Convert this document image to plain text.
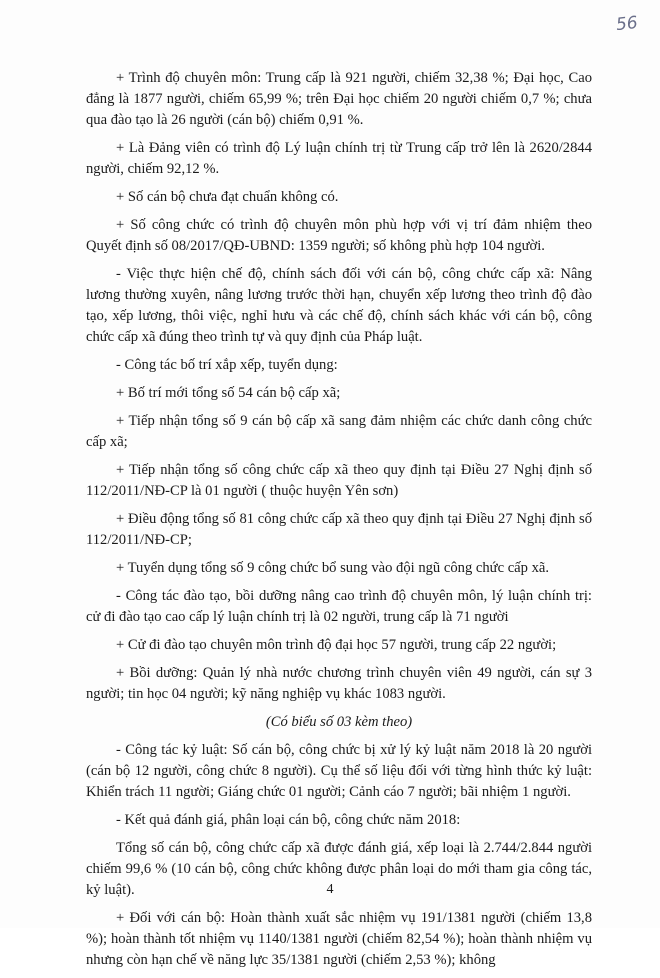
56

+ Trình độ chuyên môn: Trung cấp là 921 người, chiếm 32,38 %; Đại học, Cao đẳng là 1877 người, chiếm 65,99 %; trên Đại học chiếm 20 người chiếm 0,7 %; chưa qua đào tạo là 26 người (cán bộ) chiếm 0,91 %.

+ Là Đảng viên có trình độ Lý luận chính trị từ Trung cấp trở lên là 2620/2844 người, chiếm 92,12 %.

+ Số cán bộ chưa đạt chuẩn không có.

+ Số công chức có trình độ chuyên môn phù hợp với vị trí đảm nhiệm theo Quyết định số 08/2017/QĐ-UBND: 1359 người; số không phù hợp 104 người.

- Việc thực hiện chế độ, chính sách đối với cán bộ, công chức cấp xã: Nâng lương thường xuyên, nâng lương trước thời hạn, chuyển xếp lương theo trình độ đào tạo, xếp lương, thôi việc, nghỉ hưu và các chế độ, chính sách khác với cán bộ, công chức cấp xã đúng theo trình tự và quy định của Pháp luật.

- Công tác bố trí xắp xếp, tuyển dụng:

+ Bố trí mới tổng số 54 cán bộ cấp xã;

+ Tiếp nhận tổng số 9 cán bộ cấp xã sang đảm nhiệm các chức danh công chức cấp xã;

+ Tiếp nhận tổng số công chức cấp xã theo quy định tại Điều 27 Nghị định số 112/2011/NĐ-CP là 01 người ( thuộc huyện Yên sơn)

+ Điều động tổng số 81 công chức cấp xã theo quy định tại Điều 27 Nghị định số 112/2011/NĐ-CP;

+ Tuyển dụng tổng số 9 công chức bổ sung vào đội ngũ công chức cấp xã.

- Công tác đào tạo, bồi dưỡng nâng cao trình độ chuyên môn, lý luận chính trị: cử đi đào tạo cao cấp lý luận chính trị là 02 người, trung cấp là 71 người

+ Cử đi đào tạo chuyên môn trình độ đại học 57 người, trung cấp 22 người;

+ Bồi dưỡng: Quản lý nhà nước chương trình chuyên viên 49 người, cán sự 3 người; tin học 04 người; kỹ năng nghiệp vụ khác 1083 người.

(Có biểu số 03 kèm theo)

- Công tác kỷ luật: Số cán bộ, công chức bị xử lý kỷ luật năm 2018 là 20 người (cán bộ 12 người, công chức 8 người). Cụ thể số liệu đối với từng hình thức kỷ luật: Khiển trách 11 người; Giáng chức 01 người; Cảnh cáo 7 người; bãi nhiệm 1 người.

- Kết quả đánh giá, phân loại cán bộ, công chức năm 2018:

Tổng số cán bộ, công chức cấp xã được đánh giá, xếp loại là 2.744/2.844 người chiếm 99,6 % (10 cán bộ, công chức không được phân loại do mới tham gia công tác, kỷ luật).

+ Đối với cán bộ: Hoàn thành xuất sắc nhiệm vụ 191/1381 người (chiếm 13,8 %); hoàn thành tốt nhiệm vụ 1140/1381 người (chiếm 82,54 %); hoàn thành nhiệm vụ nhưng còn hạn chế về năng lực 35/1381 người (chiếm 2,53 %); không

4
